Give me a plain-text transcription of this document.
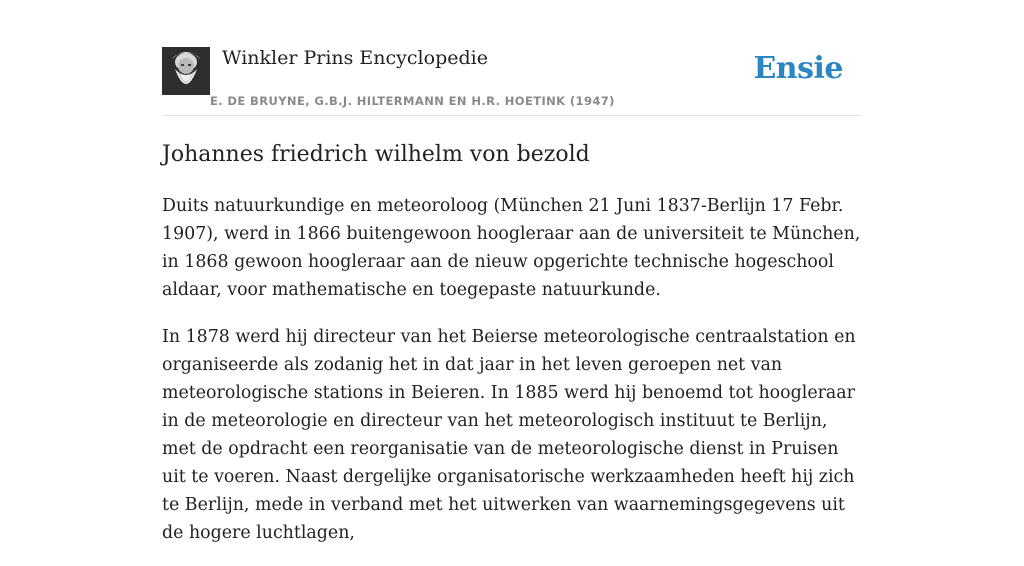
Winkler Prins Encyclopedie
E. DE BRUYNE, G.B.J. HILTERMANN EN H.R. HOETINK (1947)
Ensie
Johannes friedrich wilhelm von bezold

Duits natuurkundige en meteoroloog (München 21 Juni 1837-Berlijn 17 Febr. 1907), werd in 1866 buitengewoon hoogleraar aan de universiteit te München, in 1868 gewoon hoogleraar aan de nieuw opgerichte technische hogeschool aldaar, voor mathematische en toegepaste natuurkunde.

In 1878 werd hij directeur van het Beierse meteorologische centraalstation en organiseerde als zodanig het in dat jaar in het leven geroepen net van meteorologische stations in Beieren. In 1885 werd hij benoemd tot hoogleraar in de meteorologie en directeur van het meteorologisch instituut te Berlijn, met de opdracht een reorganisatie van de meteorologische dienst in Pruisen uit te voeren. Naast dergelijke organisatorische werkzaamheden heeft hij zich te Berlijn, mede in verband met het uitwerken van waarnemingsgegevens uit de hogere luchtlagen,
